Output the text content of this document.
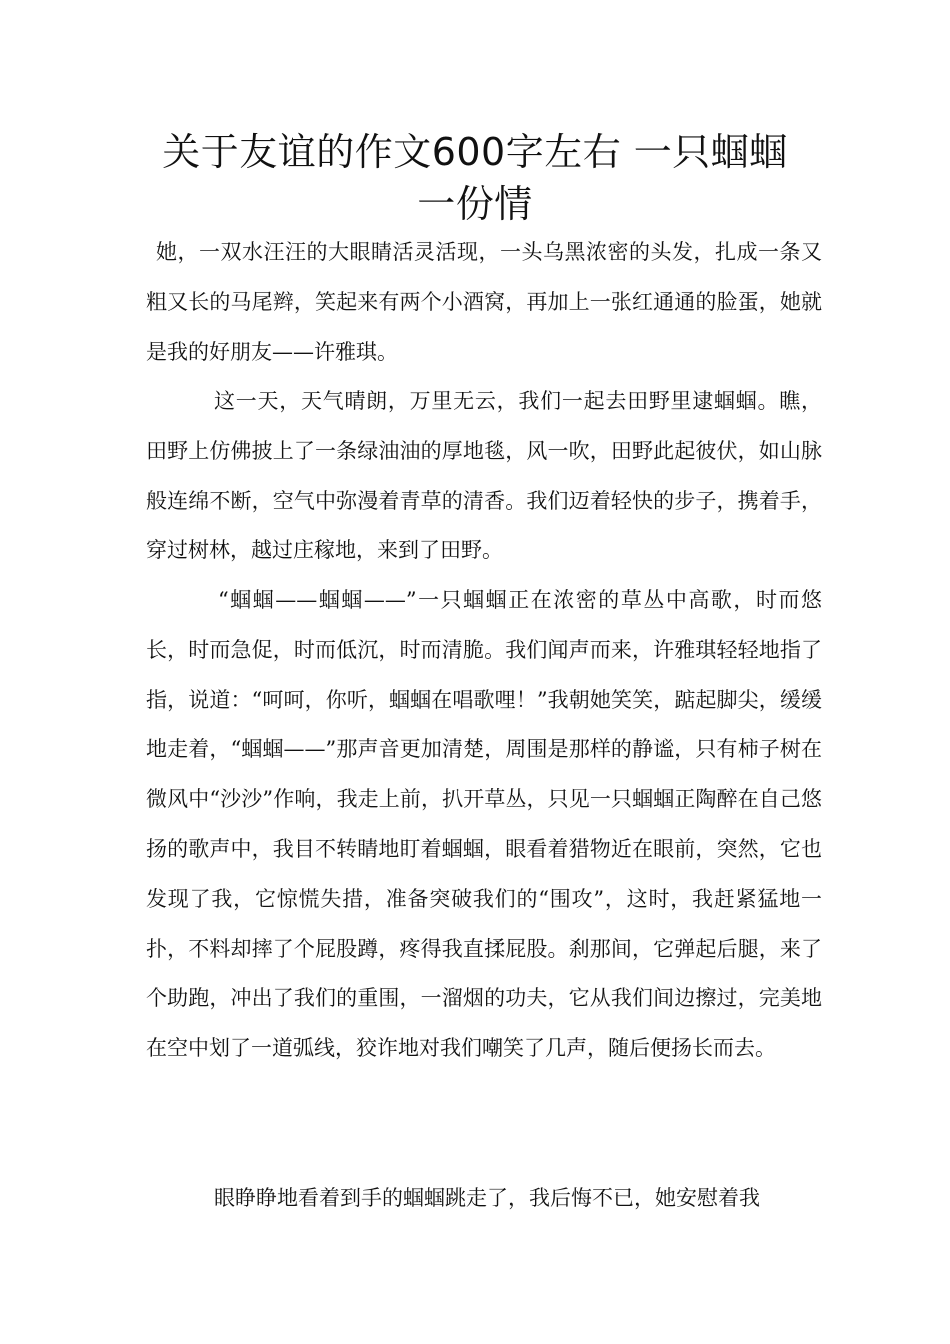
关于友谊的作文600字左右 一只蝈蝈
一份情

她，一双水汪汪的大眼睛活灵活现，一头乌黑浓密的头发，扎成一条又粗又长的马尾辫，笑起来有两个小酒窝，再加上一张红通通的脸蛋，她就是我的好朋友——许雅琪。

这一天，天气晴朗，万里无云，我们一起去田野里逮蝈蝈。瞧，田野上仿佛披上了一条绿油油的厚地毯，风一吹，田野此起彼伏，如山脉般连绵不断，空气中弥漫着青草的清香。我们迈着轻快的步子，携着手，穿过树林，越过庄稼地，来到了田野。

“蝈蝈——蝈蝈——”一只蝈蝈正在浓密的草丛中高歌，时而悠长，时而急促，时而低沉，时而清脆。我们闻声而来，许雅琪轻轻地指了指，说道：“呵呵，你听，蝈蝈在唱歌哩！”我朝她笑笑，踮起脚尖，缓缓地走着，“蝈蝈——”那声音更加清楚，周围是那样的静谧，只有柿子树在微风中“沙沙”作响，我走上前，扒开草丛，只见一只蝈蝈正陶醉在自己悠扬的歌声中，我目不转睛地盯着蝈蝈，眼看着猎物近在眼前，突然，它也发现了我，它惊慌失措，准备突破我们的“围攻”，这时，我赶紧猛地一扑，不料却摔了个屁股蹲，疼得我直揉屁股。刹那间，它弹起后腿，来了个助跑，冲出了我们的重围，一溜烟的功夫，它从我们间边擦过，完美地在空中划了一道弧线，狡诈地对我们嘲笑了几声，随后便扬长而去。

眼睁睁地看着到手的蝈蝈跳走了，我后悔不已，她安慰着我
